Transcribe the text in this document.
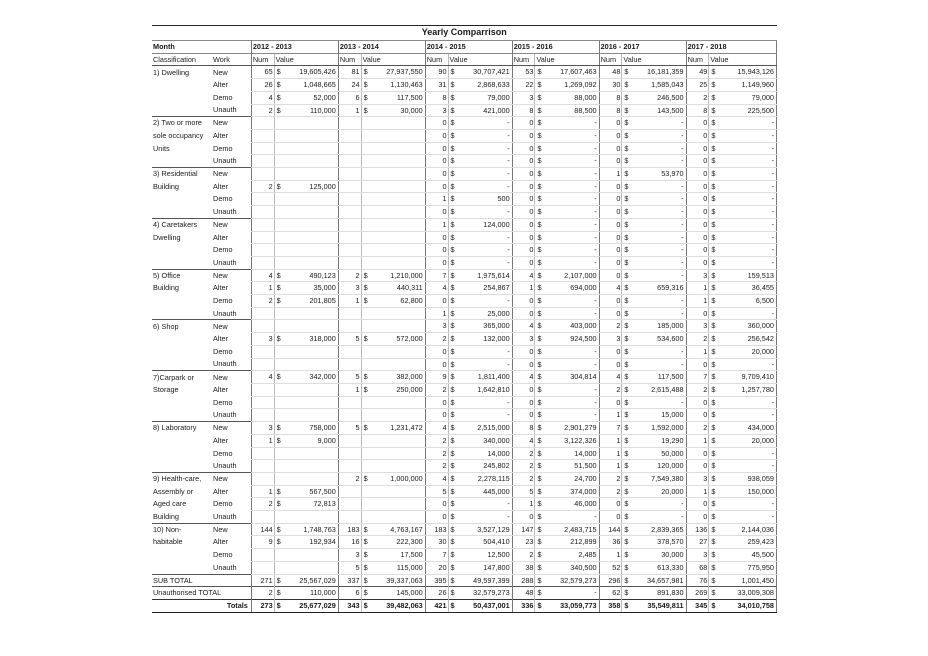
Yearly Comparrison																			
Month		2012 - 2013			2013 - 2014			2014 - 2015			2015 - 2016			2016 - 2017			2017 - 2018		
Classification	Work	Num	Value		Num	Value		Num	Value		Num	Value		Num	Value		Num	Value	
1) Dwelling	New	65	$	19,605,426	81	$	27,937,550	90	$	30,707,421	53	$	17,607,463	48	$	16,181,359	49	$	15,943,126
	Alter	26	$	1,048,665	24	$	1,130,463	31	$	2,868,633	22	$	1,269,092	30	$	1,585,043	25	$	1,149,960
	Demo	4	$	52,000	6	$	117,500	8	$	79,000	3	$	88,000	8	$	246,500	2	$	79,000
	Unauth	2	$	110,000	1	$	30,000	3	$	421,000	8	$	88,500	8	$	143,500	8	$	225,500
2) Two or more	New							0	$	-	0	$	-	0	$	-	0	$	-
sole occupancy	Alter							0	$	-	0	$	-	0	$	-	0	$	-
Units	Demo							0	$	-	0	$	-	0	$	-	0	$	-
	Unauth							0	$	-	0	$	-	0	$	-	0	$	-
3) Residential	New							0	$	-	0	$	-	1	$	53,970	0	$	-
Building	Alter	2	$	125,000				0	$	-	0	$	-	0	$	-	0	$	-
	Demo							1	$	500	0	$	-	0	$	-	0	$	-
	Unauth							0	$	-	0	$	-	0	$	-	0	$	-
4) Caretakers	New							1	$	124,000	0	$	-	0	$	-	0	$	-
Dwelling	Alter							0	$	-	0	$	-	0	$	-	0	$	-
	Demo							0	$	-	0	$	-	0	$	-	0	$	-
	Unauth							0	$	-	0	$	-	0	$	-	0	$	-
5) Office	New	4	$	490,123	2	$	1,210,000	7	$	1,975,614	4	$	2,107,000	0	$	-	3	$	159,513
Building	Alter	1	$	35,000	3	$	440,311	4	$	254,867	1	$	694,000	4	$	659,316	1	$	36,455
	Demo	2	$	201,805	1	$	62,800	0	$	-	0	$	-	0	$	-	1	$	6,500
	Unauth							1	$	25,000	0	$	-	0	$	-	0	$	-
6) Shop	New							3	$	365,000	4	$	403,000	2	$	185,000	3	$	360,000
	Alter	3	$	318,000	5	$	572,000	2	$	132,000	3	$	924,500	3	$	534,600	2	$	256,542
	Demo							0	$	-	0	$	-	0	$	-	1	$	20,000
	Unauth							0	$	-	0	$	-	0	$	-	0	$	-
7)Carpark or	New	4	$	342,000	5	$	382,000	9	$	1,811,400	4	$	304,814	4	$	117,500	7	$	9,709,410
Storage	Alter				1	$	250,000	2	$	1,642,810	0	$	-	2	$	2,615,488	2	$	1,257,780
	Demo							0	$	-	0	$	-	0	$	-	0	$	-
	Unauth							0	$	-	0	$	-	1	$	15,000	0	$	-
8) Laboratory	New	3	$	758,000	5	$	1,231,472	4	$	2,515,000	8	$	2,901,279	7	$	1,592,000	2	$	434,000
	Alter	1	$	9,000				2	$	340,000	4	$	3,122,326	1	$	19,290	1	$	20,000
	Demo							2	$	14,000	2	$	14,000	1	$	50,000	0	$	-
	Unauth							2	$	245,802	2	$	51,500	1	$	120,000	0	$	-
9) Health-care,	New				2	$	1,000,000	4	$	2,278,115	2	$	24,700	2	$	7,549,380	3	$	938,059
Assembly or	Alter	1	$	567,500				5	$	445,000	5	$	374,000	2	$	20,000	1	$	150,000
Aged care	Demo	2	$	72,813				0	$	-	1	$	46,000	0	$	-	0	$	-
Building	Unauth							0	$	-	0	$	-	0	$	-	0	$	-
10) Non-	New	144	$	1,748,763	183	$	4,763,167	183	$	3,527,129	147	$	2,483,715	144	$	2,839,365	136	$	2,144,036
habitable	Alter	9	$	192,934	16	$	222,300	30	$	504,410	23	$	212,899	36	$	378,570	27	$	259,423
	Demo				3	$	17,500	7	$	12,500	2	$	2,485	1	$	30,000	3	$	45,500
	Unauth				5	$	115,000	20	$	147,800	38	$	340,500	52	$	613,330	68	$	775,950
SUB TOTAL		271	$	25,567,029	337	$	39,337,063	395	$	49,597,399	288	$	32,579,273	296	$	34,657,981	76	$	1,001,450
Unauthorised TOTAL		2	$	110,000	6	$	145,000	26	$	32,579,273	48	$	-	62	$	891,830	269	$	33,009,308
Totals		273	$	25,677,029	343	$	39,482,063	421	$	50,437,001	336	$	33,059,773	358	$	35,549,811	345	$	34,010,758
